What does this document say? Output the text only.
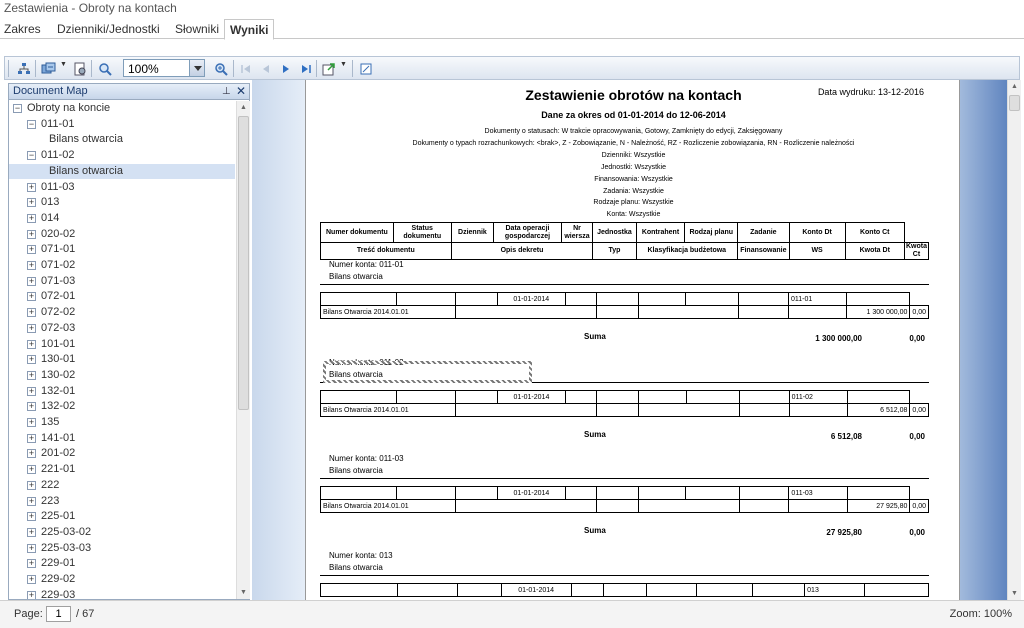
Zestawienia - Obroty na kontach
Zakres Dzienniki/Jednostki Słowniki Wyniki
▼	100%	▼
Document Map	⊥ ✕
− Obroty na koncie
− 011-01
Bilans otwarcia
− 011-02
Bilans otwarcia
+ 011-03
+ 013
+ 014
+ 020-02
+ 071-01
+ 071-02
+ 071-03
+ 072-01
+ 072-02
+ 072-03
+ 101-01
+ 130-01
+ 130-02
+ 132-01
+ 132-02
+ 135
+ 141-01
+ 201-02
+ 221-01
+ 222
+ 223
+ 225-01
+ 225-03-02
+ 225-03-03
+ 229-01
+ 229-02
+ 229-03
▲
▼
Zestawienie obrotów na kontach	Data wydruku: 13-12-2016
Dane za okres od 01-01-2014 do 12-06-2014
Dokumenty o statusach: W trakcie opracowywania, Gotowy, Zamknięty do edycji, Zaksięgowany
Dokumenty o typach rozrachunkowych: <brak>, Z - Zobowiązanie, N - Należność, RZ - Rozliczenie zobowiązania, RN - Rozliczenie należności
Dzienniki: Wszystkie
Jednostki: Wszystkie
Finansowania: Wszystkie
Zadania: Wszystkie
Rodzaje planu: Wszystkie
Konta: Wszystkie
Numer dokumentu	Status dokumentu	Dziennik	Data operacji gospodarczej	Nr wiersza	Jednostka	Kontrahent	Rodzaj planu	Zadanie	Konto Dt	Konto Ct	
Treść dokumentu		Opis dekretu			Typ	Klasyfikacja budżetowa		Finansowanie	WS	Kwota Dt	Kwota Ct
Numer konta: 011-01
Bilans otwarcia
			01-01-2014						011-01		
Bilans Otwarcia 2014.01.01										1 300 000,00	0,00
Suma	1 300 000,00	0,00
Numer konta: 011-02
Bilans otwarcia
			01-01-2014						011-02		
Bilans Otwarcia 2014.01.01										6 512,08	0,00
Suma	6 512,08	0,00
Numer konta: 011-03
Bilans otwarcia
			01-01-2014						011-03		
Bilans Otwarcia 2014.01.01										27 925,80	0,00
Suma	27 925,80	0,00
Numer konta: 013
Bilans otwarcia
			01-01-2014						013	
▲
▼
Page:	1	/ 67	Zoom: 100%
